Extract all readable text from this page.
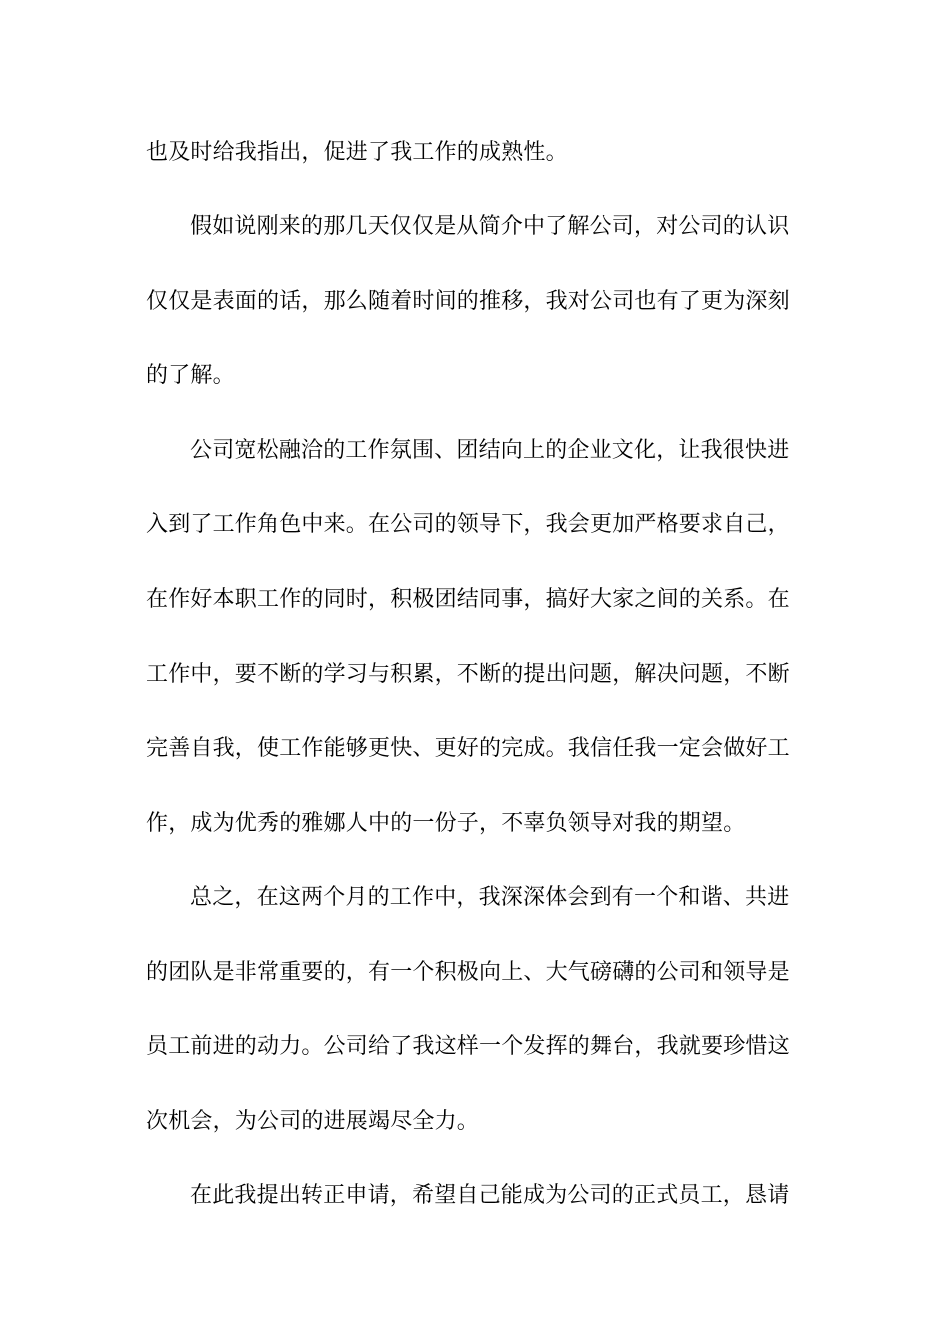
也及时给我指出，促进了我工作的成熟性。
假如说刚来的那几天仅仅是从简介中了解公司，对公司的认识
仅仅是表面的话，那么随着时间的推移，我对公司也有了更为深刻
的了解。
公司宽松融洽的工作氛围、团结向上的企业文化，让我很快进
入到了工作角色中来。在公司的领导下，我会更加严格要求自己，
在作好本职工作的同时，积极团结同事，搞好大家之间的关系。在
工作中，要不断的学习与积累，不断的提出问题，解决问题，不断
完善自我，使工作能够更快、更好的完成。我信任我一定会做好工
作，成为优秀的雅娜人中的一份子，不辜负领导对我的期望。
总之，在这两个月的工作中，我深深体会到有一个和谐、共进
的团队是非常重要的，有一个积极向上、大气磅礴的公司和领导是
员工前进的动力。公司给了我这样一个发挥的舞台，我就要珍惜这
次机会，为公司的进展竭尽全力。
在此我提出转正申请，希望自己能成为公司的正式员工，恳请
